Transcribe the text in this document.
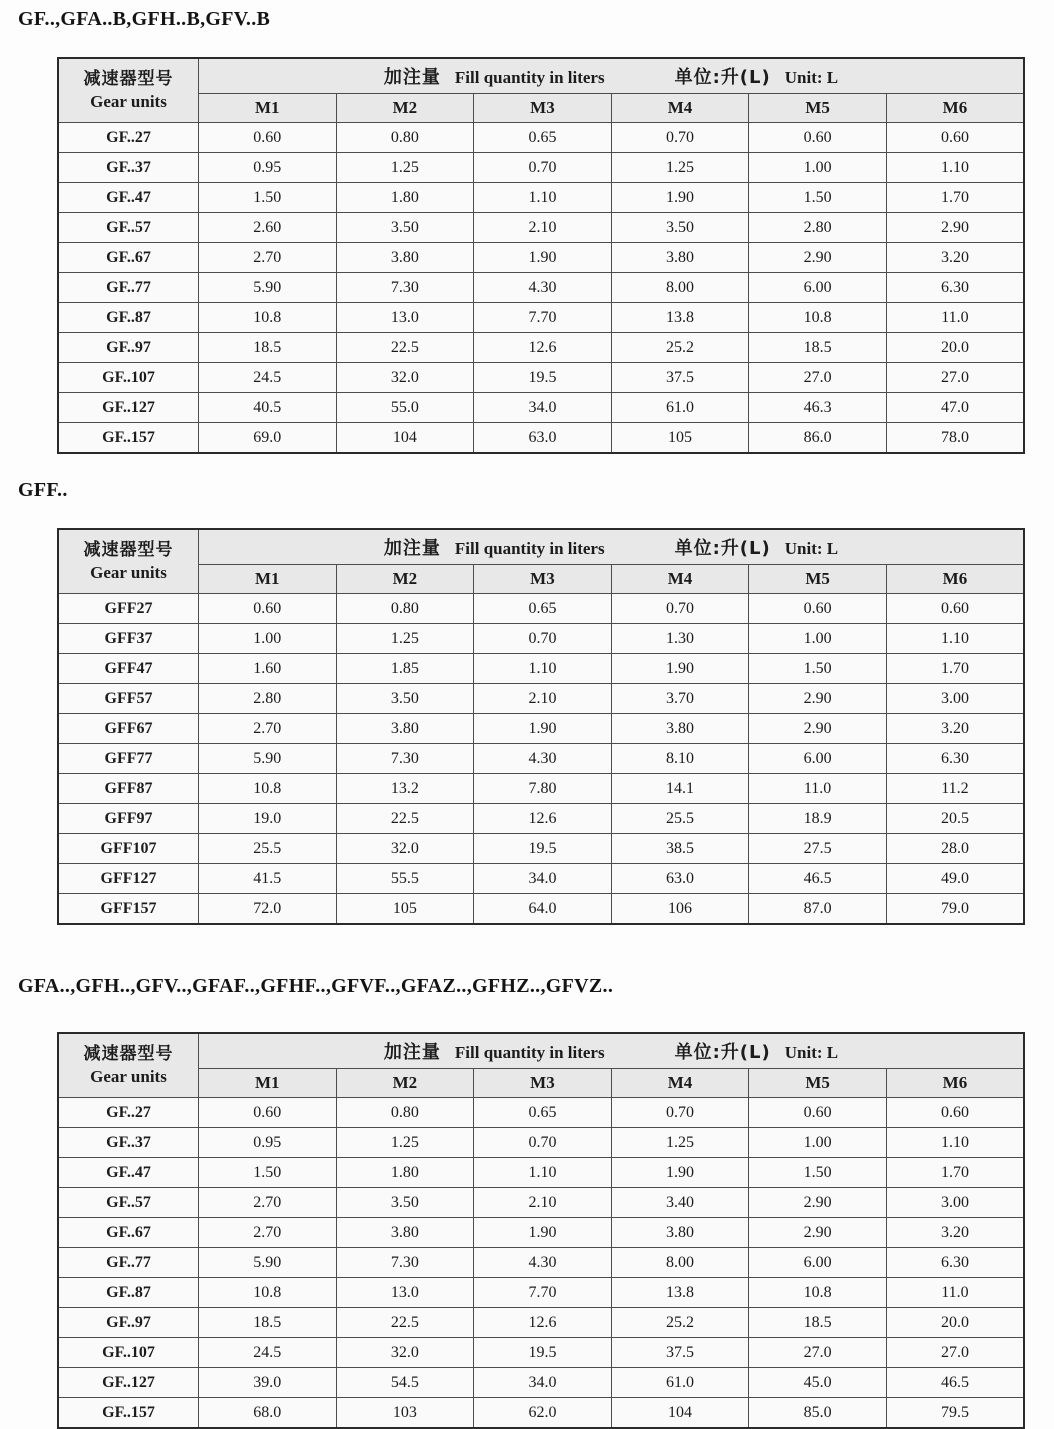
GF..,GFA..B,GFH..B,GFV..B
减速器型号
Gear units

加注量 Fill quantity in liters	单位:升(L) Unit: L

	M1	M2	M3	M4	M5	M6
GF..27	0.60	0.80	0.65	0.70	0.60	0.60
GF..37	0.95	1.25	0.70	1.25	1.00	1.10
GF..47	1.50	1.80	1.10	1.90	1.50	1.70
GF..57	2.60	3.50	2.10	3.50	2.80	2.90
GF..67	2.70	3.80	1.90	3.80	2.90	3.20
GF..77	5.90	7.30	4.30	8.00	6.00	6.30
GF..87	10.8	13.0	7.70	13.8	10.8	11.0
GF..97	18.5	22.5	12.6	25.2	18.5	20.0
GF..107	24.5	32.0	19.5	37.5	27.0	27.0
GF..127	40.5	55.0	34.0	61.0	46.3	47.0
GF..157	69.0	104	63.0	105	86.0	78.0
GFF..
减速器型号
Gear units

加注量 Fill quantity in liters	单位:升(L) Unit: L

	M1	M2	M3	M4	M5	M6
GFF27	0.60	0.80	0.65	0.70	0.60	0.60
GFF37	1.00	1.25	0.70	1.30	1.00	1.10
GFF47	1.60	1.85	1.10	1.90	1.50	1.70
GFF57	2.80	3.50	2.10	3.70	2.90	3.00
GFF67	2.70	3.80	1.90	3.80	2.90	3.20
GFF77	5.90	7.30	4.30	8.10	6.00	6.30
GFF87	10.8	13.2	7.80	14.1	11.0	11.2
GFF97	19.0	22.5	12.6	25.5	18.9	20.5
GFF107	25.5	32.0	19.5	38.5	27.5	28.0
GFF127	41.5	55.5	34.0	63.0	46.5	49.0
GFF157	72.0	105	64.0	106	87.0	79.0
GFA..,GFH..,GFV..,GFAF..,GFHF..,GFVF..,GFAZ..,GFHZ..,GFVZ..
减速器型号
Gear units

加注量 Fill quantity in liters	单位:升(L) Unit: L

	M1	M2	M3	M4	M5	M6
GF..27	0.60	0.80	0.65	0.70	0.60	0.60
GF..37	0.95	1.25	0.70	1.25	1.00	1.10
GF..47	1.50	1.80	1.10	1.90	1.50	1.70
GF..57	2.70	3.50	2.10	3.40	2.90	3.00
GF..67	2.70	3.80	1.90	3.80	2.90	3.20
GF..77	5.90	7.30	4.30	8.00	6.00	6.30
GF..87	10.8	13.0	7.70	13.8	10.8	11.0
GF..97	18.5	22.5	12.6	25.2	18.5	20.0
GF..107	24.5	32.0	19.5	37.5	27.0	27.0
GF..127	39.0	54.5	34.0	61.0	45.0	46.5
GF..157	68.0	103	62.0	104	85.0	79.5
